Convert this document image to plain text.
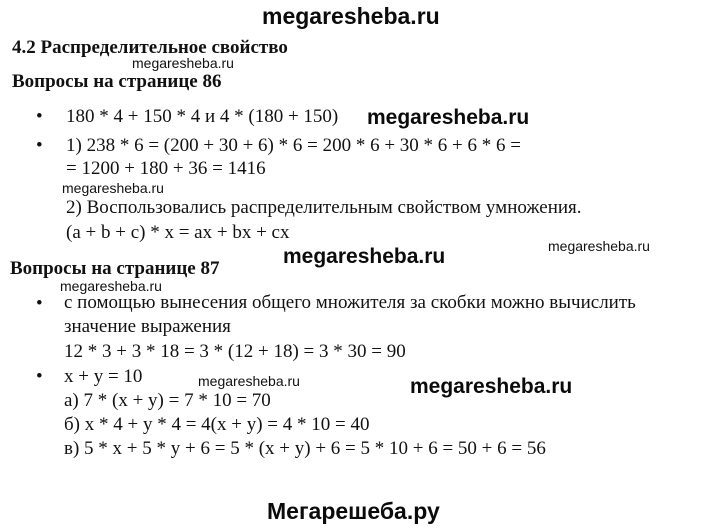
megaresheba.ru
4.2 Распределительное свойство
megaresheba.ru
Вопросы на странице 86
• 180 * 4 + 150 * 4 и 4 * (180 + 150) megaresheba.ru
• 1) 238 * 6 = (200 + 30 + 6) * 6 = 200 * 6 + 30 * 6 + 6 * 6 =
= 1200 + 180 + 36 = 1416
megaresheba.ru
2) Воспользовались распределительным свойством умножения.
(a + b + c) * x = ax + bx + cx
megaresheba.ru
megaresheba.ru
Вопросы на странице 87
megaresheba.ru
• с помощью вынесения общего множителя за скобки можно вычислить
значение выражения
12 * 3 + 3 * 18 = 3 * (12 + 18) = 3 * 30 = 90
• x + y = 10	megaresheba.ru	megaresheba.ru
а) 7 * (x + y) = 7 * 10 = 70
б) x * 4 + y * 4 = 4(x + y) = 4 * 10 = 40
в) 5 * x + 5 * y + 6 = 5 * (x + y) + 6 = 5 * 10 + 6 = 50 + 6 = 56
Мегарешеба.ру
